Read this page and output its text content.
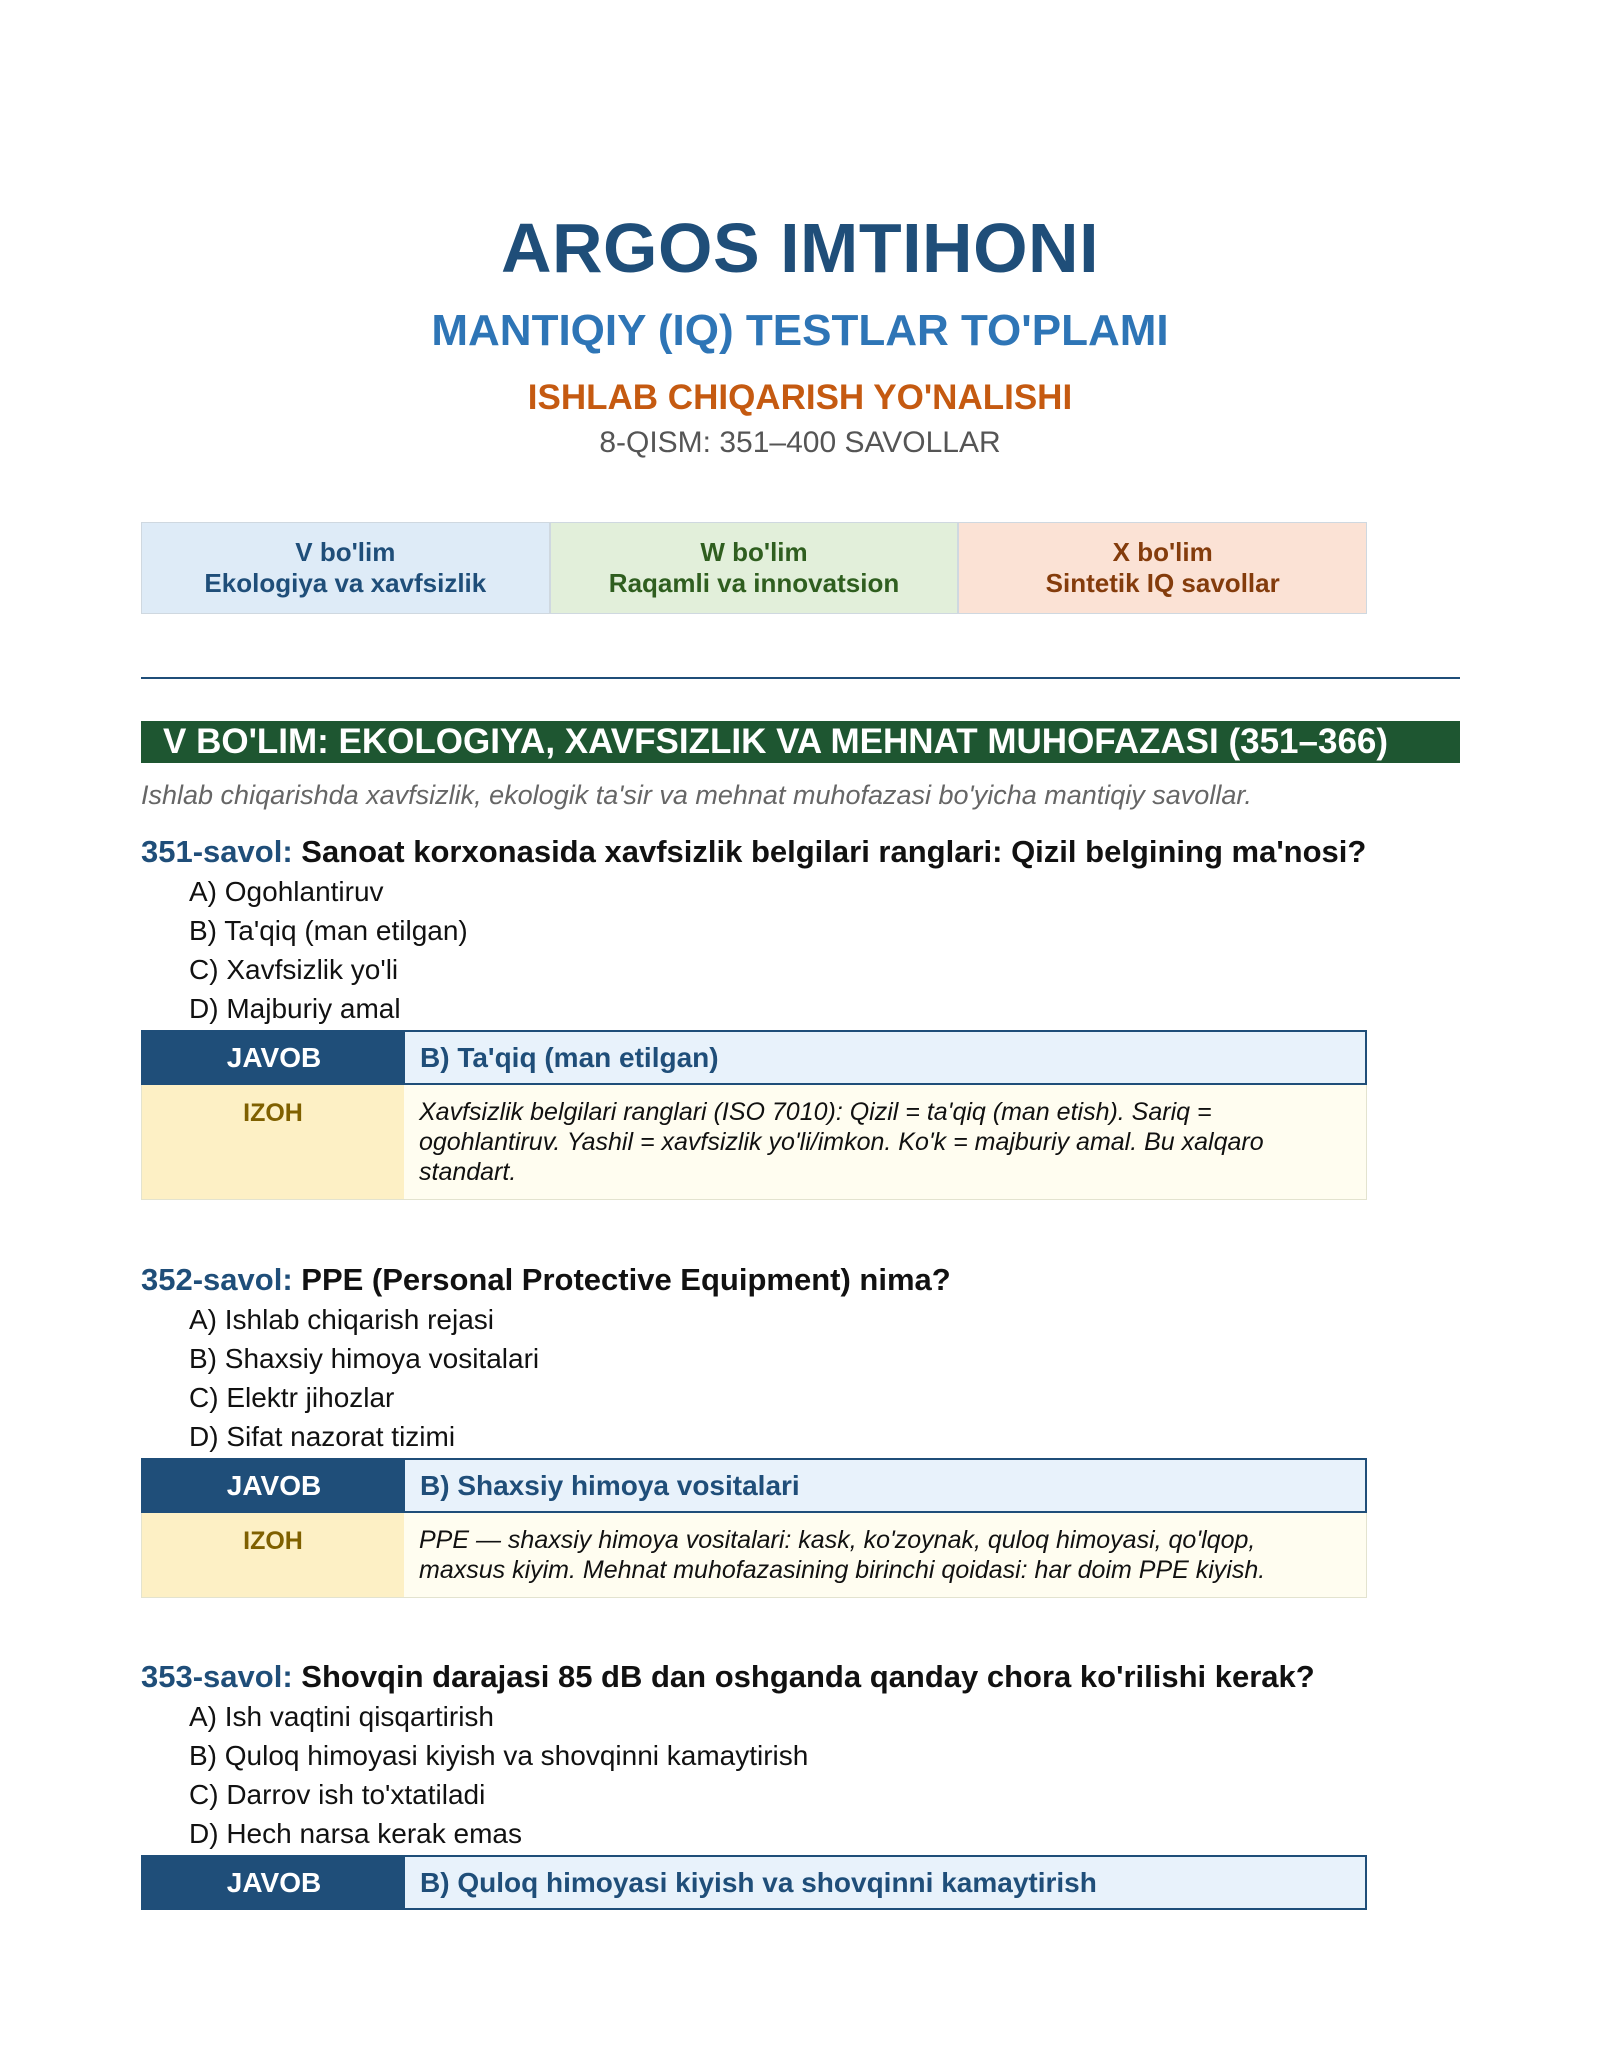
ARGOS IMTIHONI
MANTIQIY (IQ) TESTLAR TO'PLAMI
ISHLAB CHIQARISH YO'NALISHI
8-QISM: 351–400 SAVOLLAR
V bo'lim
Ekologiya va xavfsizlik
W bo'lim
Raqamli va innovatsion
X bo'lim
Sintetik IQ savollar
V BO'LIM: EKOLOGIYA, XAVFSIZLIK VA MEHNAT MUHOFAZASI (351–366)

Ishlab chiqarishda xavfsizlik, ekologik ta'sir va mehnat muhofazasi bo'yicha mantiqiy savollar.

351-savol: Sanoat korxonasida xavfsizlik belgilari ranglari: Qizil belgining ma'nosi?

A) Ogohlantiruv
B) Ta'qiq (man etilgan)
C) Xavfsizlik yo'li
D) Majburiy amal
JAVOB	B) Ta'qiq (man etilgan)
IZOH	Xavfsizlik belgilari ranglari (ISO 7010): Qizil = ta'qiq (man etish). Sariq = ogohlantiruv. Yashil = xavfsizlik yo'li/imkon. Ko'k = majburiy amal. Bu xalqaro standart.

352-savol: PPE (Personal Protective Equipment) nima?

A) Ishlab chiqarish rejasi
B) Shaxsiy himoya vositalari
C) Elektr jihozlar
D) Sifat nazorat tizimi
JAVOB	B) Shaxsiy himoya vositalari
IZOH	PPE — shaxsiy himoya vositalari: kask, ko'zoynak, quloq himoyasi, qo'lqop, maxsus kiyim. Mehnat muhofazasining birinchi qoidasi: har doim PPE kiyish.

353-savol: Shovqin darajasi 85 dB dan oshganda qanday chora ko'rilishi kerak?

A) Ish vaqtini qisqartirish
B) Quloq himoyasi kiyish va shovqinni kamaytirish
C) Darrov ish to'xtatiladi
D) Hech narsa kerak emas
JAVOB	B) Quloq himoyasi kiyish va shovqinni kamaytirish
